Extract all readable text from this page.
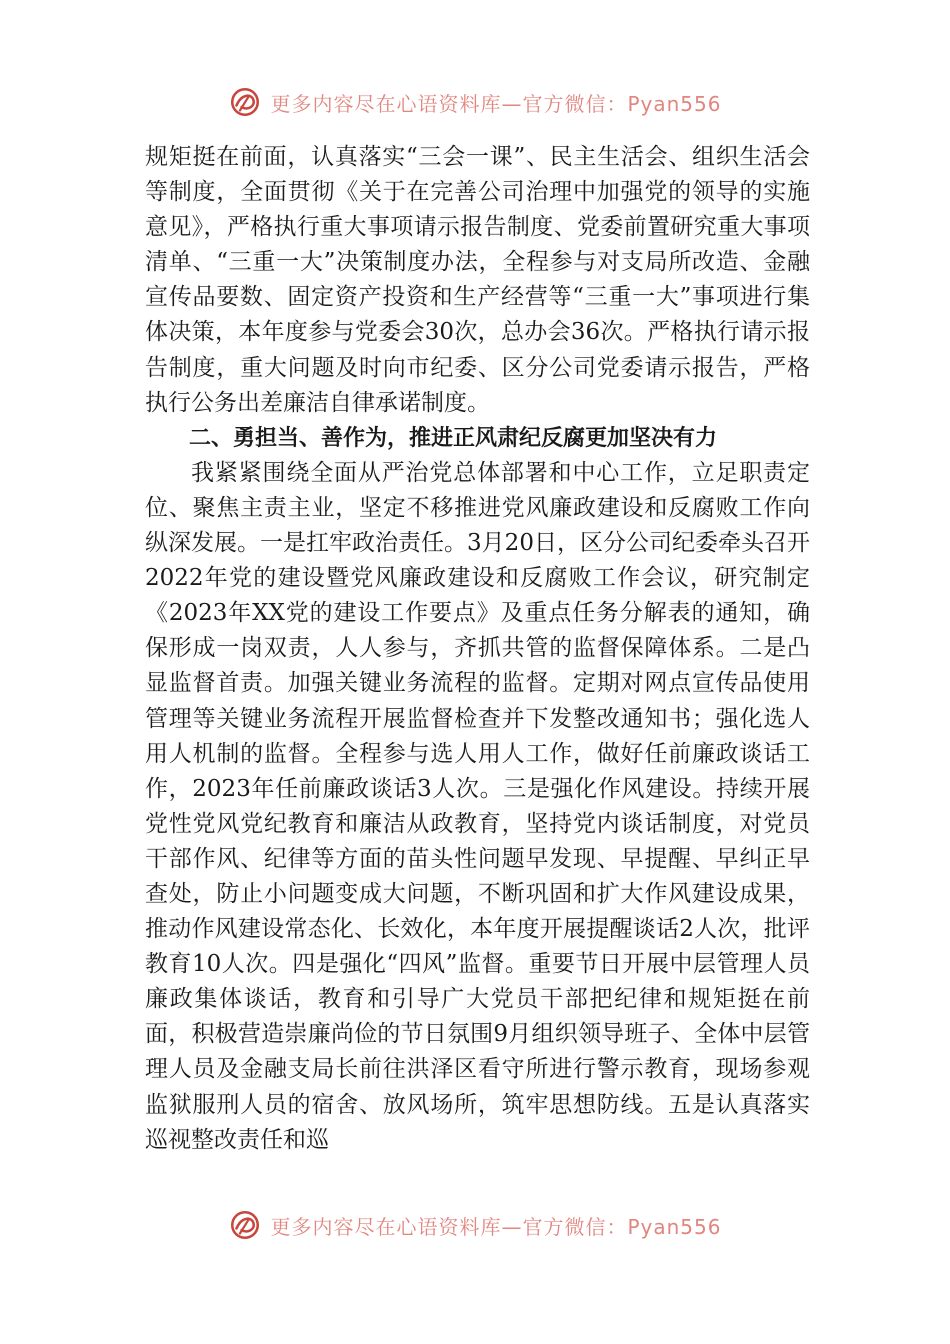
更多内容尽在心语资料库—官方微信：Pyan556

规矩挺在前面，认真落实“三会一课”、民主生活会、组织生活会等制度，全面贯彻《关于在完善公司治理中加强党的领导的实施意见》，严格执行重大事项请示报告制度、党委前置研究重大事项清单、“三重一大”决策制度办法，全程参与对支局所改造、金融宣传品要数、固定资产投资和生产经营等“三重一大”事项进行集体决策，本年度参与党委会30次，总办会36次。严格执行请示报告制度，重大问题及时向市纪委、区分公司党委请示报告，严格执行公务出差廉洁自律承诺制度。

二、勇担当、善作为，推进正风肃纪反腐更加坚决有力

我紧紧围绕全面从严治党总体部署和中心工作，立足职责定位、聚焦主责主业，坚定不移推进党风廉政建设和反腐败工作向纵深发展。一是扛牢政治责任。3月20日，区分公司纪委牵头召开2022年党的建设暨党风廉政建设和反腐败工作会议，研究制定《2023年XX党的建设工作要点》及重点任务分解表的通知，确保形成一岗双责，人人参与，齐抓共管的监督保障体系。二是凸显监督首责。加强关键业务流程的监督。定期对网点宣传品使用管理等关键业务流程开展监督检查并下发整改通知书；强化选人用人机制的监督。全程参与选人用人工作，做好任前廉政谈话工作，2023年任前廉政谈话3人次。三是强化作风建设。持续开展党性党风党纪教育和廉洁从政教育，坚持党内谈话制度，对党员干部作风、纪律等方面的苗头性问题早发现、早提醒、早纠正早查处，防止小问题变成大问题，不断巩固和扩大作风建设成果，推动作风建设常态化、长效化，本年度开展提醒谈话2人次，批评教育10人次。四是强化“四风”监督。重要节日开展中层管理人员廉政集体谈话，教育和引导广大党员干部把纪律和规矩挺在前面，积极营造崇廉尚俭的节日氛围9月组织领导班子、全体中层管理人员及金融支局长前往洪泽区看守所进行警示教育，现场参观监狱服刑人员的宿舍、放风场所，筑牢思想防线。五是认真落实巡视整改责任和巡

更多内容尽在心语资料库—官方微信：Pyan556
